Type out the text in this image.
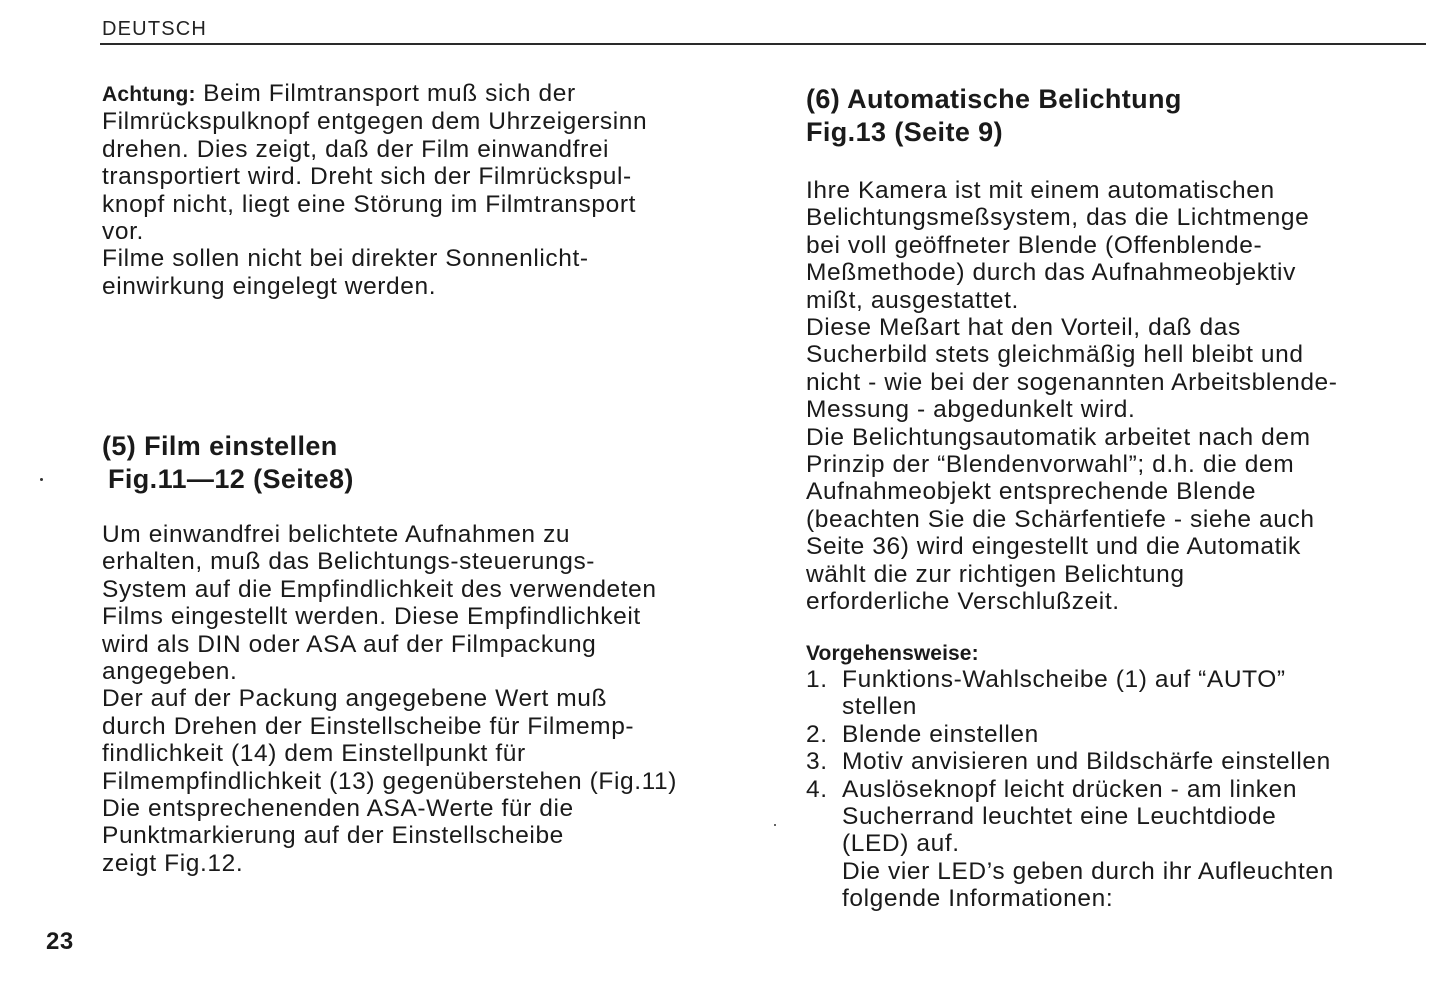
DEUTSCH
Achtung: Beim Filmtransport muß sich der
Filmrückspulknopf entgegen dem Uhrzeigersinn
drehen. Dies zeigt, daß der Film einwandfrei
transportiert wird. Dreht sich der Filmrückspul-
knopf nicht, liegt eine Störung im Filmtransport
vor.
Filme sollen nicht bei direkter Sonnenlicht-
einwirkung eingelegt werden.
(5) Film einstellen
Fig.11—12 (Seite8)
Um einwandfrei belichtete Aufnahmen zu
erhalten, muß das Belichtungs-steuerungs-
System auf die Empfindlichkeit des verwendeten
Films eingestellt werden. Diese Empfindlichkeit
wird als DIN oder ASA auf der Filmpackung
angegeben.
Der auf der Packung angegebene Wert muß
durch Drehen der Einstellscheibe für Filmemp-
findlichkeit (14) dem Einstellpunkt für
Filmempfindlichkeit (13) gegenüberstehen (Fig.11)
Die entsprechenenden ASA-Werte für die
Punktmarkierung auf der Einstellscheibe
zeigt Fig.12.
(6) Automatische Belichtung
Fig.13 (Seite 9)
Ihre Kamera ist mit einem automatischen
Belichtungsmeßsystem, das die Lichtmenge
bei voll geöffneter Blende (Offenblende-
Meßmethode) durch das Aufnahmeobjektiv
mißt, ausgestattet.
Diese Meßart hat den Vorteil, daß das
Sucherbild stets gleichmäßig hell bleibt und
nicht - wie bei der sogenannten Arbeitsblende-
Messung - abgedunkelt wird.
Die Belichtungsautomatik arbeitet nach dem
Prinzip der “Blendenvorwahl”; d.h. die dem
Aufnahmeobjekt entsprechende Blende
(beachten Sie die Schärfentiefe - siehe auch
Seite 36) wird eingestellt und die Automatik
wählt die zur richtigen Belichtung
erforderliche Verschlußzeit.
Vorgehensweise:
1. Funktions-Wahlscheibe (1) auf “AUTO”
stellen
2. Blende einstellen
3. Motiv anvisieren und Bildschärfe einstellen
4. Auslöseknopf leicht drücken - am linken
Sucherrand leuchtet eine Leuchtdiode
(LED) auf.
Die vier LED’s geben durch ihr Aufleuchten
folgende Informationen:
23
